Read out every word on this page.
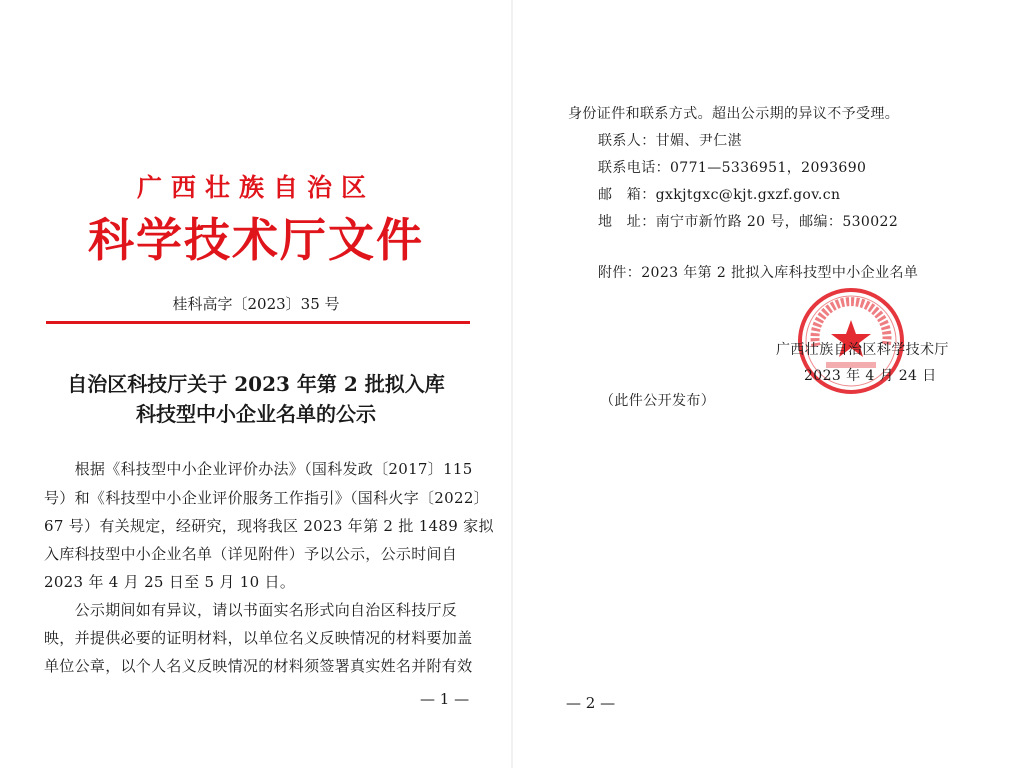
广西壮族自治区
科学技术厅文件
桂科高字〔2023〕35 号
自治区科技厅关于 2023 年第 2 批拟入库
科技型中小企业名单的公示
　　根据《科技型中小企业评价办法》（国科发政〔2017〕115
号）和《科技型中小企业评价服务工作指引》（国科火字〔2022〕
67 号）有关规定，经研究，现将我区 2023 年第 2 批 1489 家拟
入库科技型中小企业名单（详见附件）予以公示，公示时间自
2023 年 4 月 25 日至 5 月 10 日。
　　公示期间如有异议，请以书面实名形式向自治区科技厅反
映，并提供必要的证明材料，以单位名义反映情况的材料要加盖
单位公章，以个人名义反映情况的材料须签署真实姓名并附有效
— 1 —
身份证件和联系方式。超出公示期的异议不予受理。
联系人：甘媚、尹仁湛
联系电话：0771—5336951，2093690
邮　箱：gxkjtgxc@kjt.gxzf.gov.cn
地　址：南宁市新竹路 20 号，邮编：530022
附件：2023 年第 2 批拟入库科技型中小企业名单
广西壮族自治区科学技术厅
2023 年 4 月 24 日
（此件公开发布）
— 2 —
